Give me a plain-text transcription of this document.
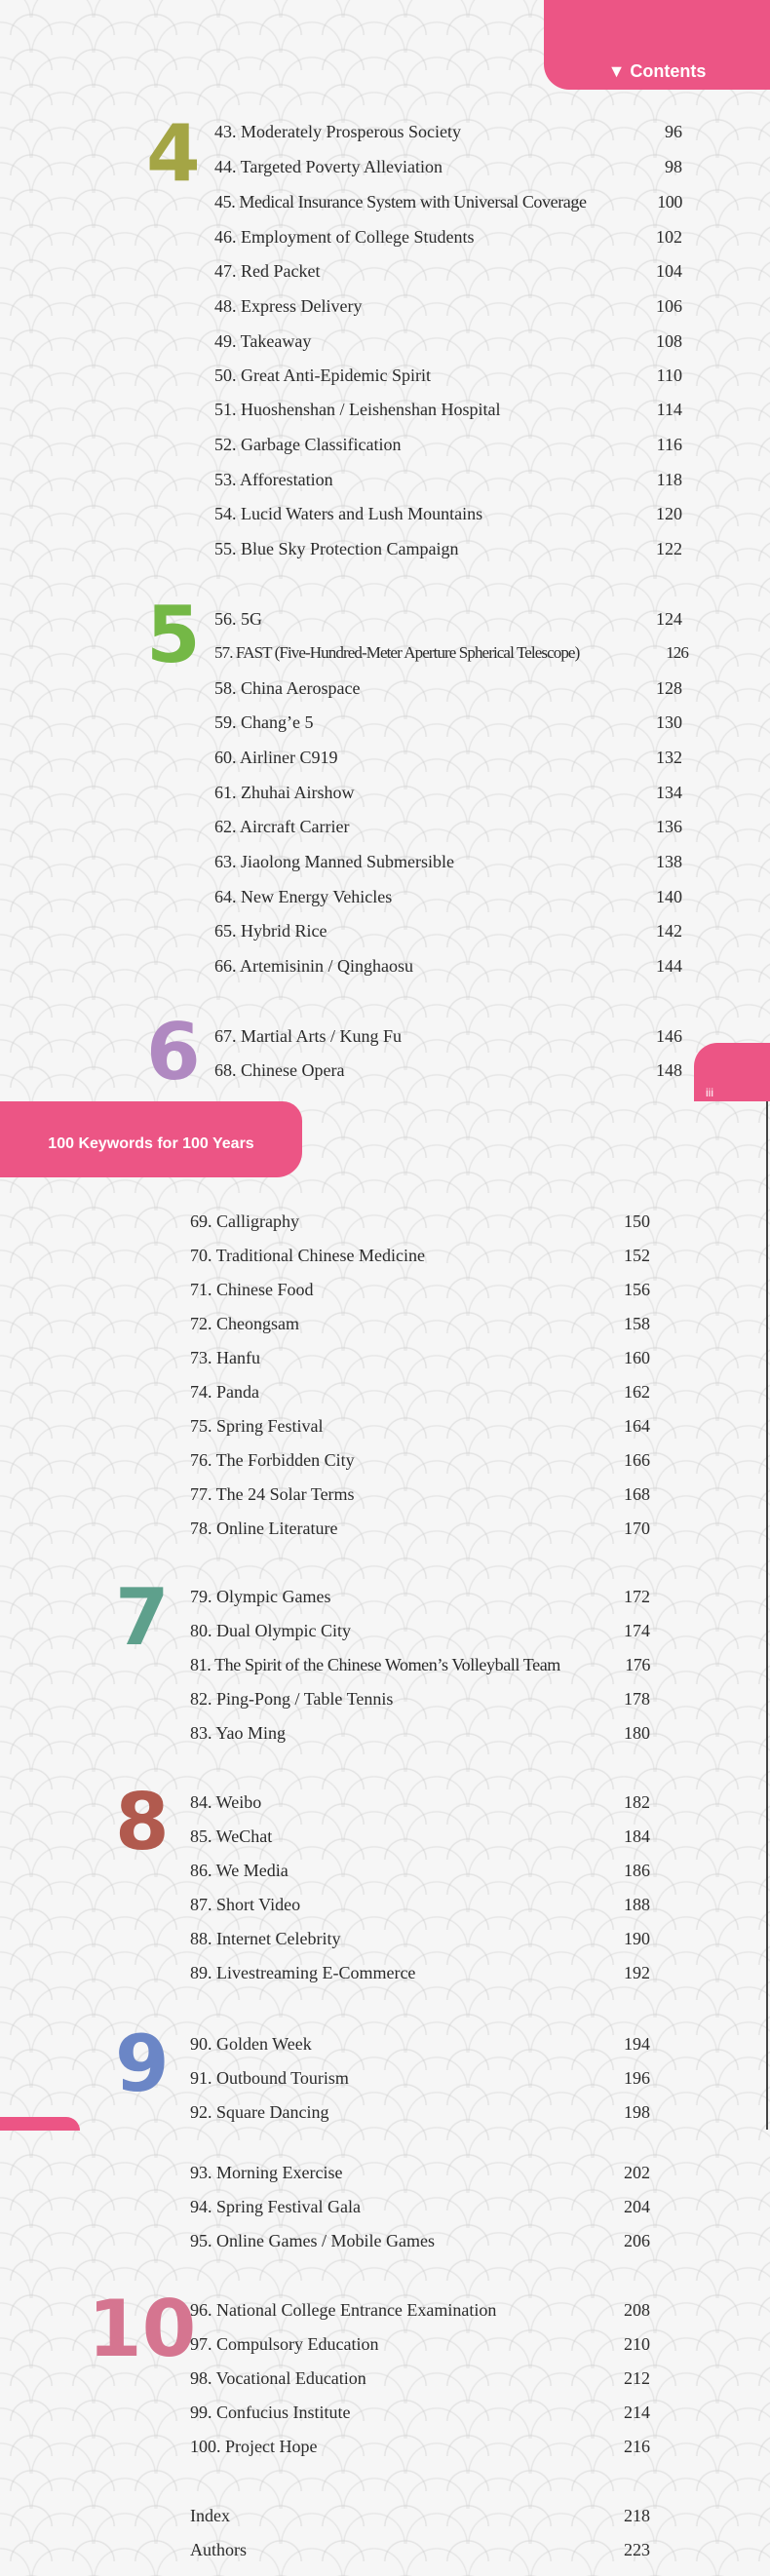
▼ Contents
iii
100 Keywords for 100 Years
4
5
6
7
8
9
10
43. Moderately Prosperous Society	96
44. Targeted Poverty Alleviation	98
45. Medical Insurance System with Universal Coverage	100
46. Employment of College Students	102
47. Red Packet	104
48. Express Delivery	106
49. Takeaway	108
50. Great Anti-Epidemic Spirit	110
51. Huoshenshan / Leishenshan Hospital	114
52. Garbage Classification	116
53. Afforestation	118
54. Lucid Waters and Lush Mountains	120
55. Blue Sky Protection Campaign	122
56. 5G	124
57. FAST (Five-Hundred-Meter Aperture Spherical Telescope)	126
58. China Aerospace	128
59. Chang’e 5	130
60. Airliner C919	132
61. Zhuhai Airshow	134
62. Aircraft Carrier	136
63. Jiaolong Manned Submersible	138
64. New Energy Vehicles	140
65. Hybrid Rice	142
66. Artemisinin / Qinghaosu	144
67. Martial Arts / Kung Fu	146
68. Chinese Opera	148
69. Calligraphy	150
70. Traditional Chinese Medicine	152
71. Chinese Food	156
72. Cheongsam	158
73. Hanfu	160
74. Panda	162
75. Spring Festival	164
76. The Forbidden City	166
77. The 24 Solar Terms	168
78. Online Literature	170
79. Olympic Games	172
80. Dual Olympic City	174
81. The Spirit of the Chinese Women’s Volleyball Team	176
82. Ping-Pong / Table Tennis	178
83. Yao Ming	180
84. Weibo	182
85. WeChat	184
86. We Media	186
87. Short Video	188
88. Internet Celebrity	190
89. Livestreaming E-Commerce	192
90. Golden Week	194
91. Outbound Tourism	196
92. Square Dancing	198
93. Morning Exercise	202
94. Spring Festival Gala	204
95. Online Games / Mobile Games	206
96. National College Entrance Examination	208
97. Compulsory Education	210
98. Vocational Education	212
99. Confucius Institute	214
100. Project Hope	216
Index	218
Authors	223
